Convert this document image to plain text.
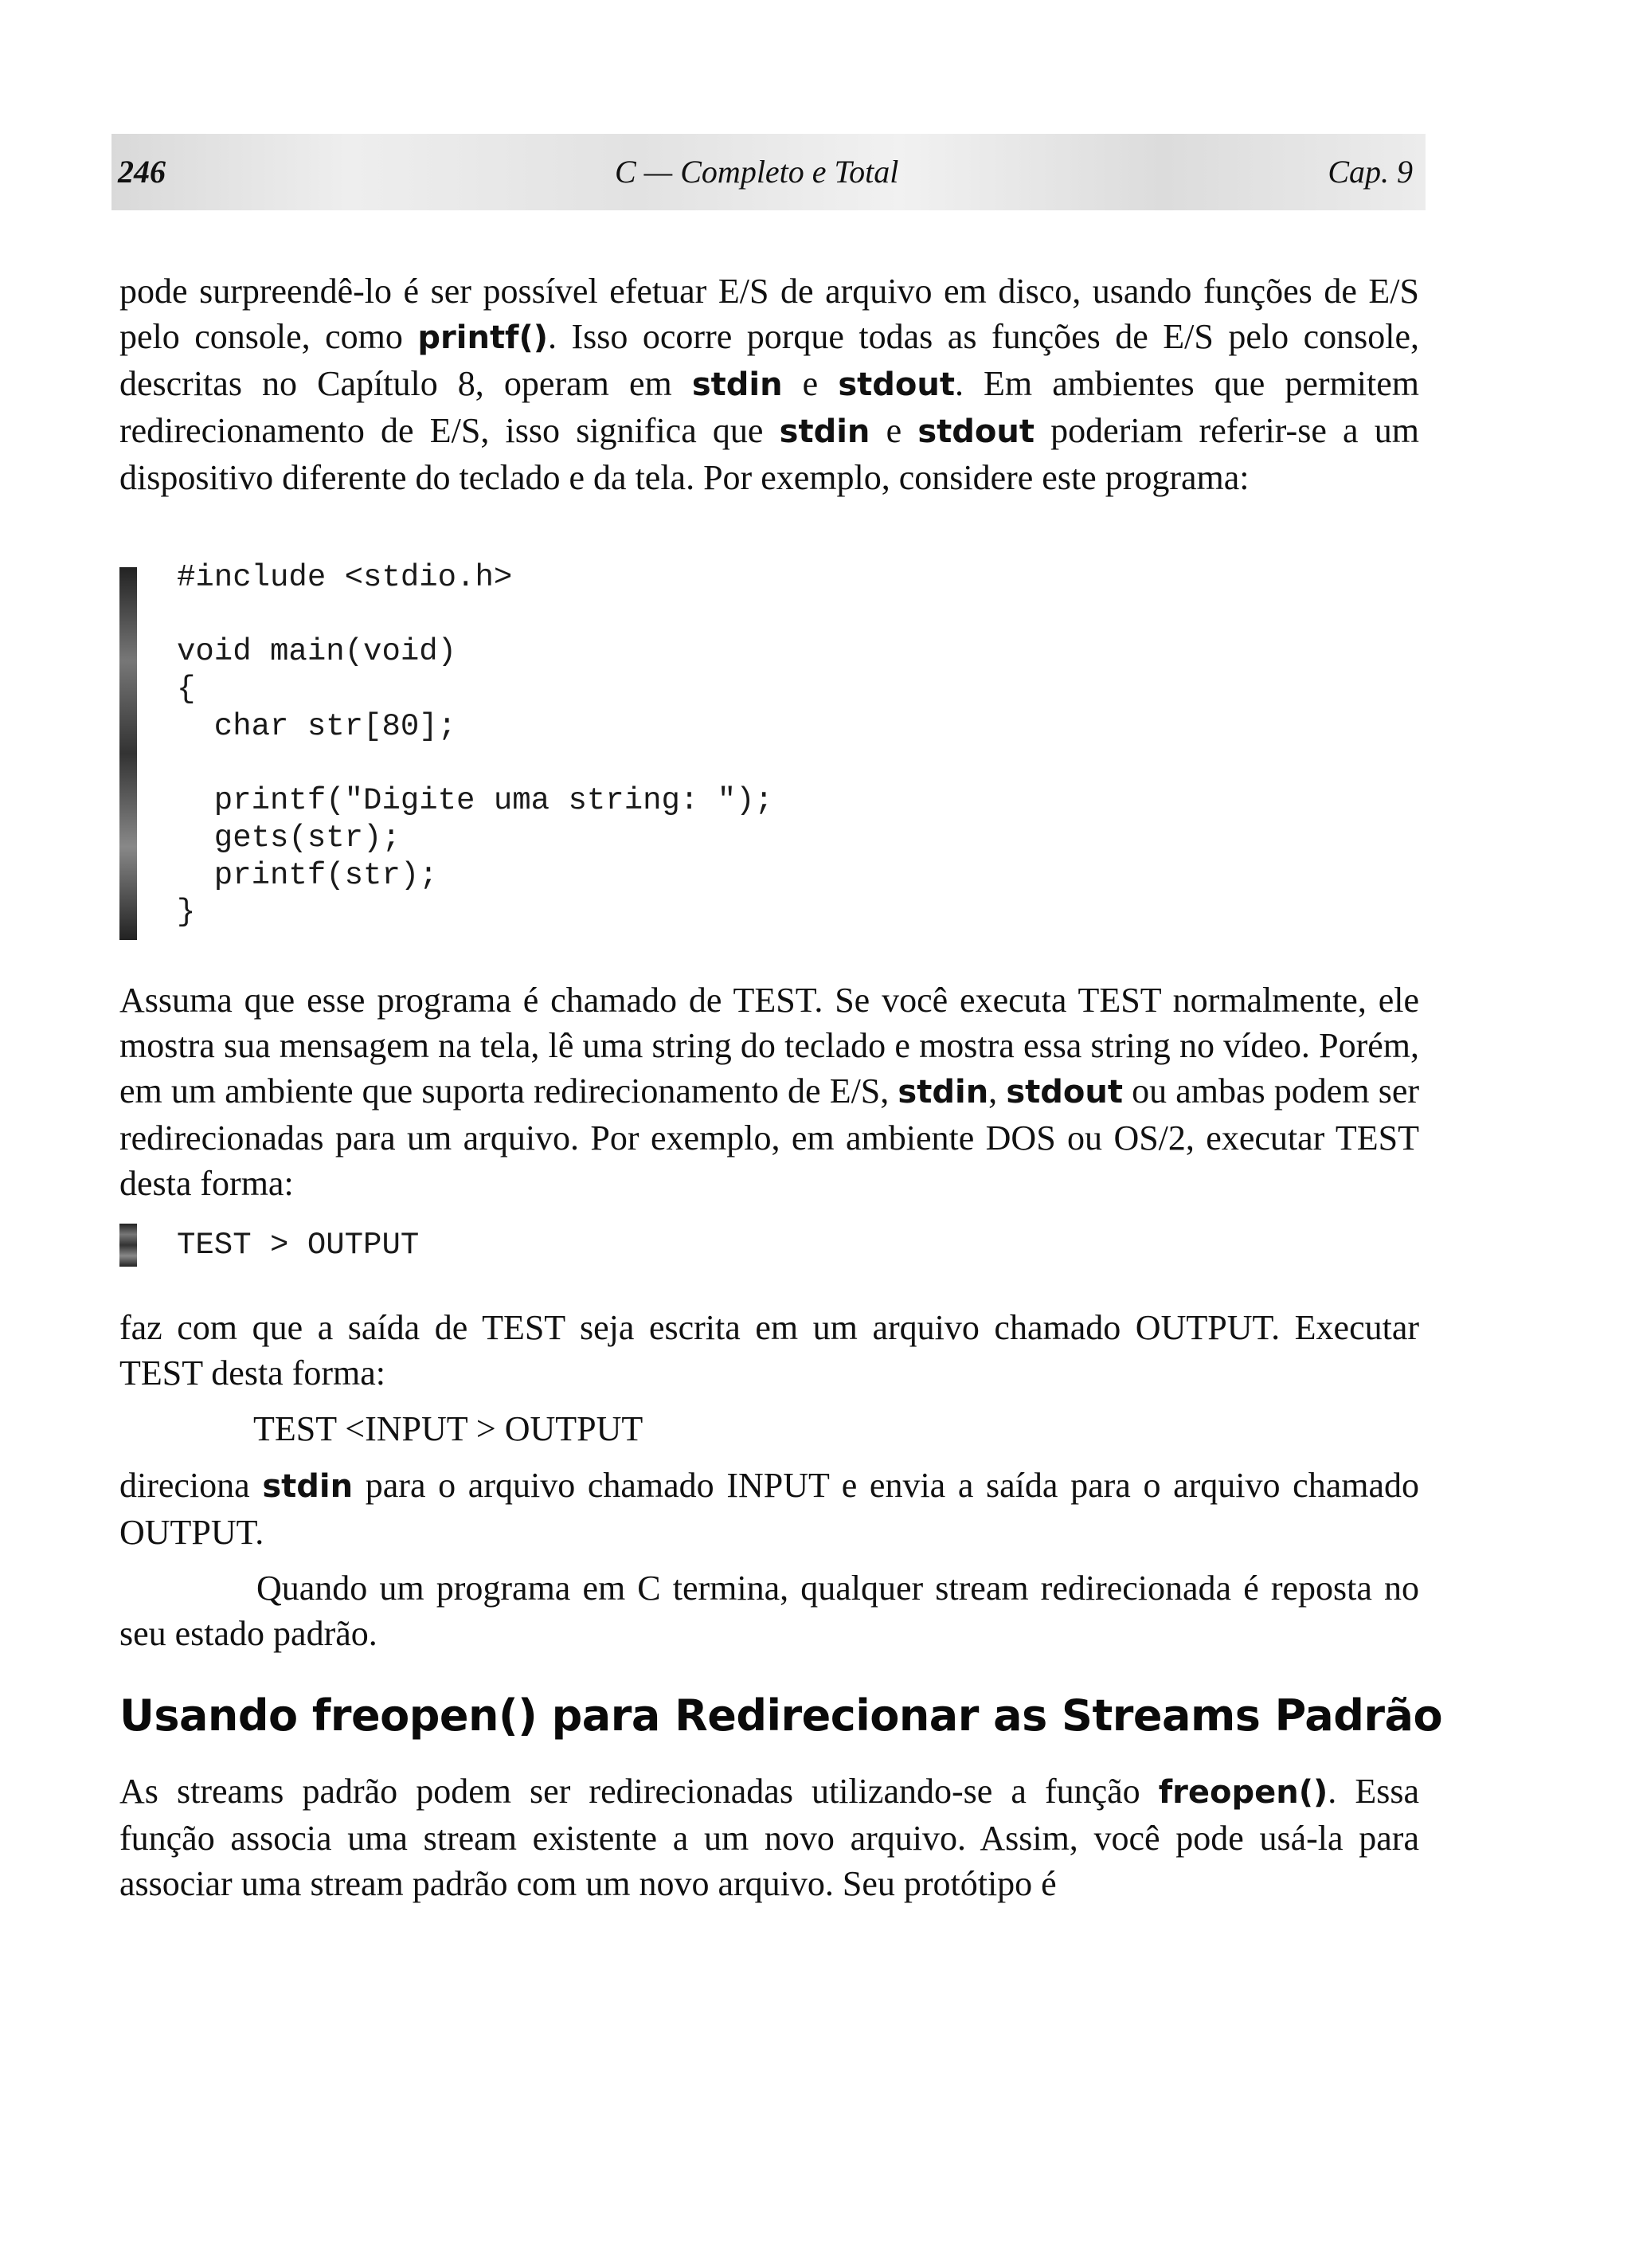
246	C — Completo e Total	Cap. 9

pode surpreendê-lo é ser possível efetuar E/S de arquivo em disco, usando funções de E/S pelo console, como printf(). Isso ocorre porque todas as funções de E/S pelo console, descritas no Capítulo 8, operam em stdin e stdout. Em ambientes que permitem redirecionamento de E/S, isso significa que stdin e stdout poderiam referir-se a um dispositivo diferente do teclado e da tela. Por exemplo, considere este programa:

#include <stdio.h>

void main(void)
{
char str[80];

printf("Digite uma string: ");
gets(str);
printf(str);
}

Assuma que esse programa é chamado de TEST. Se você executa TEST normalmente, ele mostra sua mensagem na tela, lê uma string do teclado e mostra essa string no vídeo. Porém, em um ambiente que suporta redirecionamento de E/S, stdin, stdout ou ambas podem ser redirecionadas para um arquivo. Por exemplo, em ambiente DOS ou OS/2, executar TEST desta forma:

TEST > OUTPUT

faz com que a saída de TEST seja escrita em um arquivo chamado OUTPUT. Executar TEST desta forma:

TEST <INPUT > OUTPUT

direciona stdin para o arquivo chamado INPUT e envia a saída para o arquivo chamado OUTPUT.

Quando um programa em C termina, qualquer stream redirecionada é reposta no seu estado padrão.

Usando freopen() para Redirecionar as Streams Padrão

As streams padrão podem ser redirecionadas utilizando-se a função freopen(). Essa função associa uma stream existente a um novo arquivo. Assim, você pode usá-la para associar uma stream padrão com um novo arquivo. Seu protótipo é
